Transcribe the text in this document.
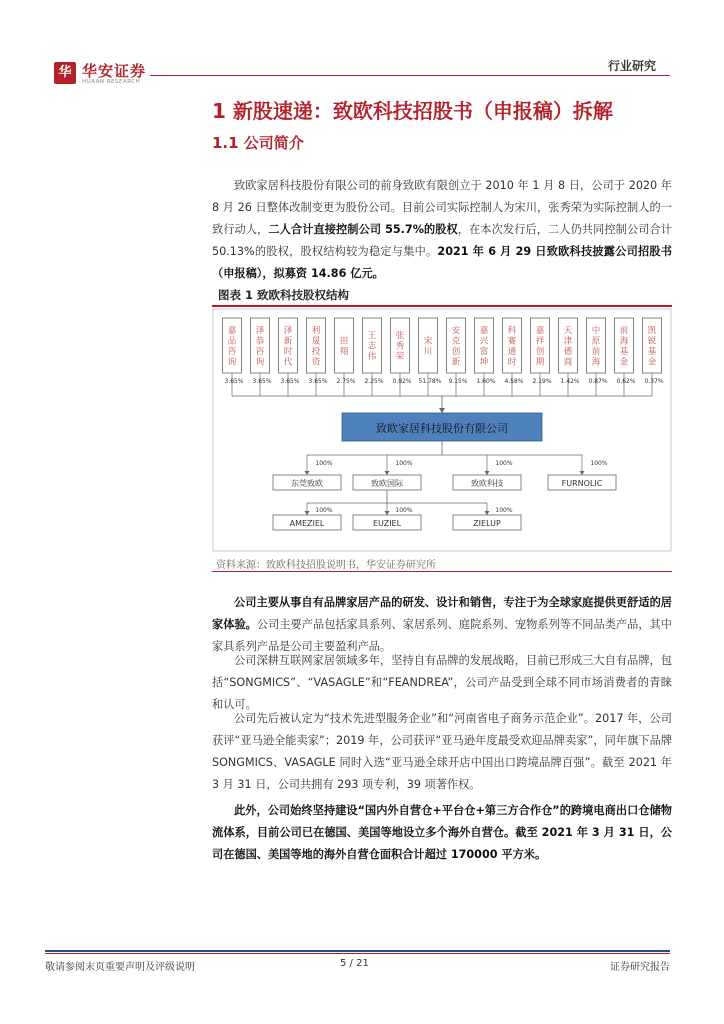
华 华安证券
HUAAN RESEARCH
行业研究
1 新股速递：致欧科技招股书（申报稿）拆解
1.1 公司简介
致欧家居科技股份有限公司的前身致欧有限创立于 2010 年 1 月 8 日，公司于 2020 年 8 月 26 日整体改制变更为股份公司。目前公司实际控制人为宋川，张秀荣为实际控制人的一致行动人，二人合计直接控制公司 55.7%的股权，在本次发行后，二人仍共同控制公司合计 50.13%的股权，股权结构较为稳定与集中。2021 年 6 月 29 日致欧科技披露公司招股书（申报稿），拟募资 14.86 亿元。
图表 1 致欧科技股权结构
嘉品咨询
3.65%
泽恭咨询
3.65%
泽新时代
3.65%
利晟投资
3.65%
田翔
2.75%
王志伟
2.25%
张秀荣
0.92%
宋川
51.78%
安克创新
9.15%
嘉兴富坤
1.60%
科赛通时
4.58%
嘉祥创期
2.19%
天津德商
1.42%
中原前海
0.87%
前海基金
0.62%
凯锐基金
0.37%
致欧家居科技股份有限公司
100%
东莞致欧
100%
致欧国际
100%
致欧科技
100%
FURNOLIC
100%
AMEZIEL
100%
EUZIEL
100%
ZIELUP
资料来源：致欧科技招股说明书，华安证券研究所
公司主要从事自有品牌家居产品的研发、设计和销售，专注于为全球家庭提供更舒适的居家体验。公司主要产品包括家具系列、家居系列、庭院系列、宠物系列等不同品类产品，其中家具系列产品是公司主要盈利产品。
公司深耕互联网家居领域多年，坚持自有品牌的发展战略，目前已形成三大自有品牌，包括“SONGMICS”、“VASAGLE”和“FEANDREA”，公司产品受到全球不同市场消费者的青睐和认可。
公司先后被认定为“技术先进型服务企业”和“河南省电子商务示范企业”。2017 年，公司获评“亚马逊全能卖家”；2019 年，公司获评“亚马逊年度最受欢迎品牌卖家”，同年旗下品牌 SONGMICS、VASAGLE 同时入选“亚马逊全球开店中国出口跨境品牌百强”。截至 2021 年 3 月 31 日，公司共拥有 293 项专利，39 项著作权。
此外，公司始终坚持建设“国内外自营仓+平台仓+第三方合作仓”的跨境电商出口仓储物流体系，目前公司已在德国、美国等地设立多个海外自营仓。截至 2021 年 3 月 31 日，公司在德国、美国等地的海外自营仓面积合计超过 170000 平方米。
敬请参阅末页重要声明及评级说明	5 / 21	证券研究报告
